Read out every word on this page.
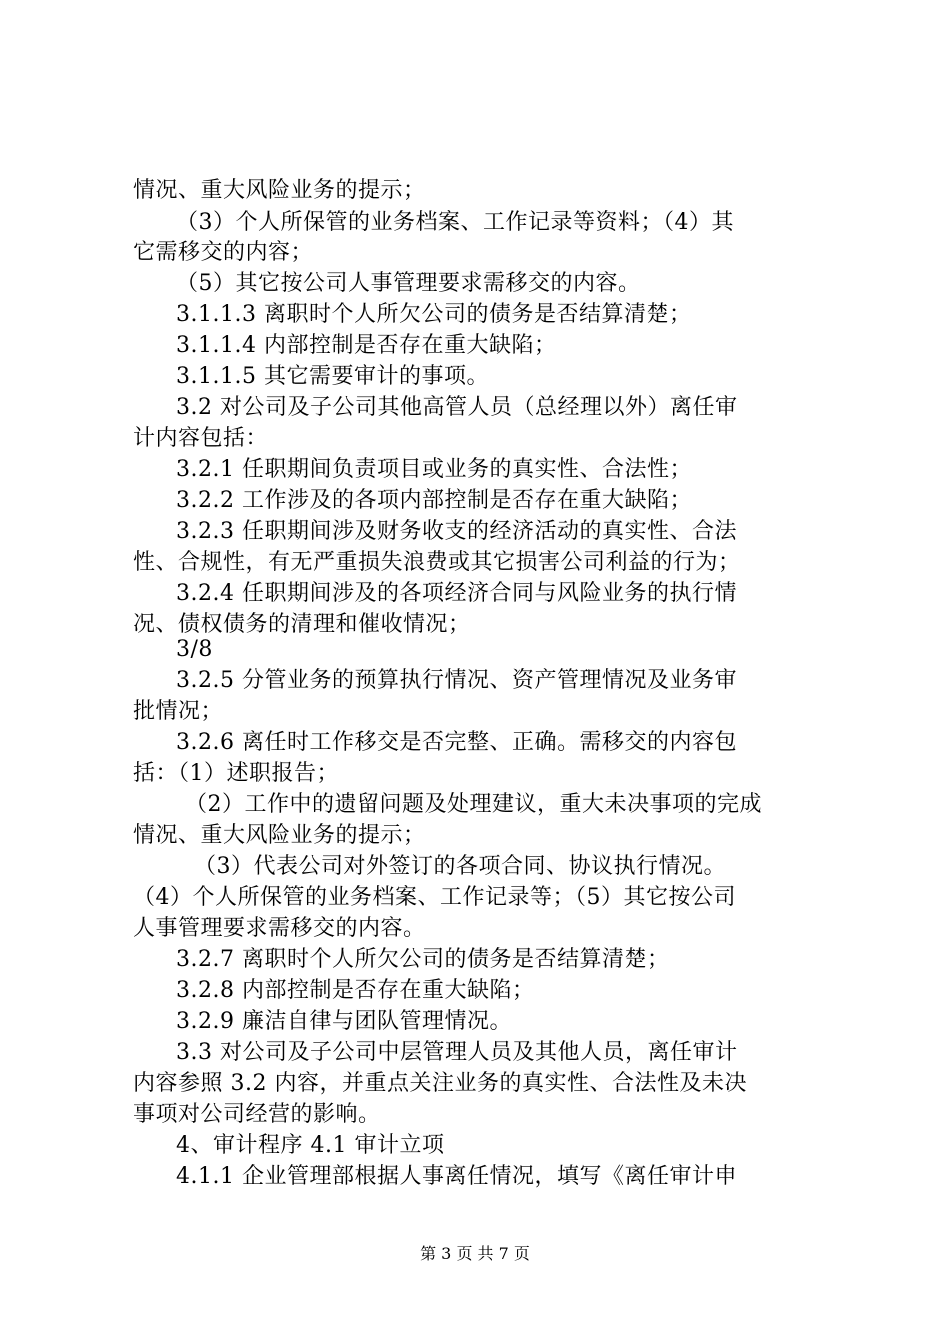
情况、重大风险业务的提示；
（3）个人所保管的业务档案、工作记录等资料；（4）其
它需移交的内容；
（5）其它按公司人事管理要求需移交的内容。
3.1.1.3 离职时个人所欠公司的债务是否结算清楚；
3.1.1.4 内部控制是否存在重大缺陷；
3.1.1.5 其它需要审计的事项。
3.2 对公司及子公司其他高管人员（总经理以外）离任审
计内容包括：
3.2.1 任职期间负责项目或业务的真实性、合法性；
3.2.2 工作涉及的各项内部控制是否存在重大缺陷；
3.2.3 任职期间涉及财务收支的经济活动的真实性、合法
性、合规性，有无严重损失浪费或其它损害公司利益的行为；
3.2.4 任职期间涉及的各项经济合同与风险业务的执行情
况、债权债务的清理和催收情况；
3/8
3.2.5 分管业务的预算执行情况、资产管理情况及业务审
批情况；
3.2.6 离任时工作移交是否完整、正确。需移交的内容包
括：（1）述职报告；
（2）工作中的遗留问题及处理建议，重大未决事项的完成
情况、重大风险业务的提示；
（3）代表公司对外签订的各项合同、协议执行情况。
（4）个人所保管的业务档案、工作记录等；（5）其它按公司
人事管理要求需移交的内容。
3.2.7 离职时个人所欠公司的债务是否结算清楚；
3.2.8 内部控制是否存在重大缺陷；
3.2.9 廉洁自律与团队管理情况。
3.3 对公司及子公司中层管理人员及其他人员，离任审计
内容参照 3.2 内容，并重点关注业务的真实性、合法性及未决
事项对公司经营的影响。
4、审计程序 4.1 审计立项
4.1.1 企业管理部根据人事离任情况，填写《离任审计申
第 3 页 共 7 页
